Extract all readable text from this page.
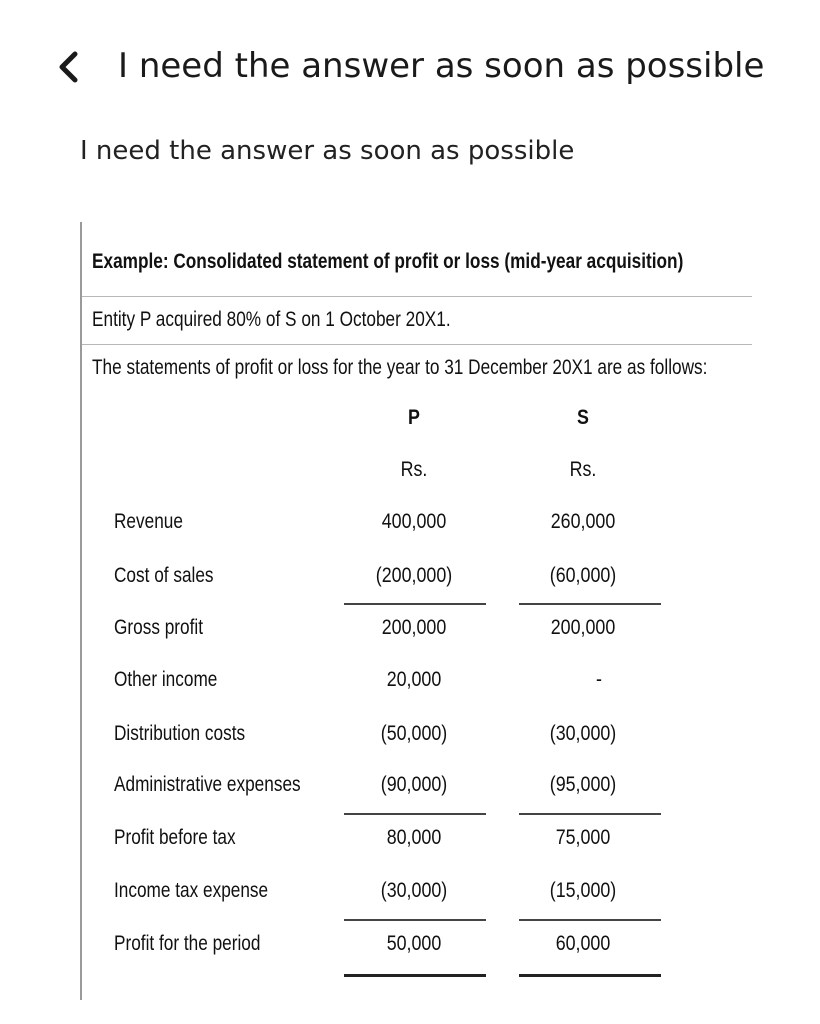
I need the answer as soon as possible
I need the answer as soon as possible
Example: Consolidated statement of profit or loss (mid-year acquisition)
Entity P acquired 80% of S on 1 October 20X1.
The statements of profit or loss for the year to 31 December 20X1 are as follows:
P	S
Rs.	Rs.
Revenue	400,000	260,000
Cost of sales	(200,000)	(60,000)
Gross profit	200,000	200,000
Other income	20,000	-
Distribution costs	(50,000)	(30,000)
Administrative expenses	(90,000)	(95,000)
Profit before tax	80,000	75,000
Income tax expense	(30,000)	(15,000)
Profit for the period	50,000	60,000
